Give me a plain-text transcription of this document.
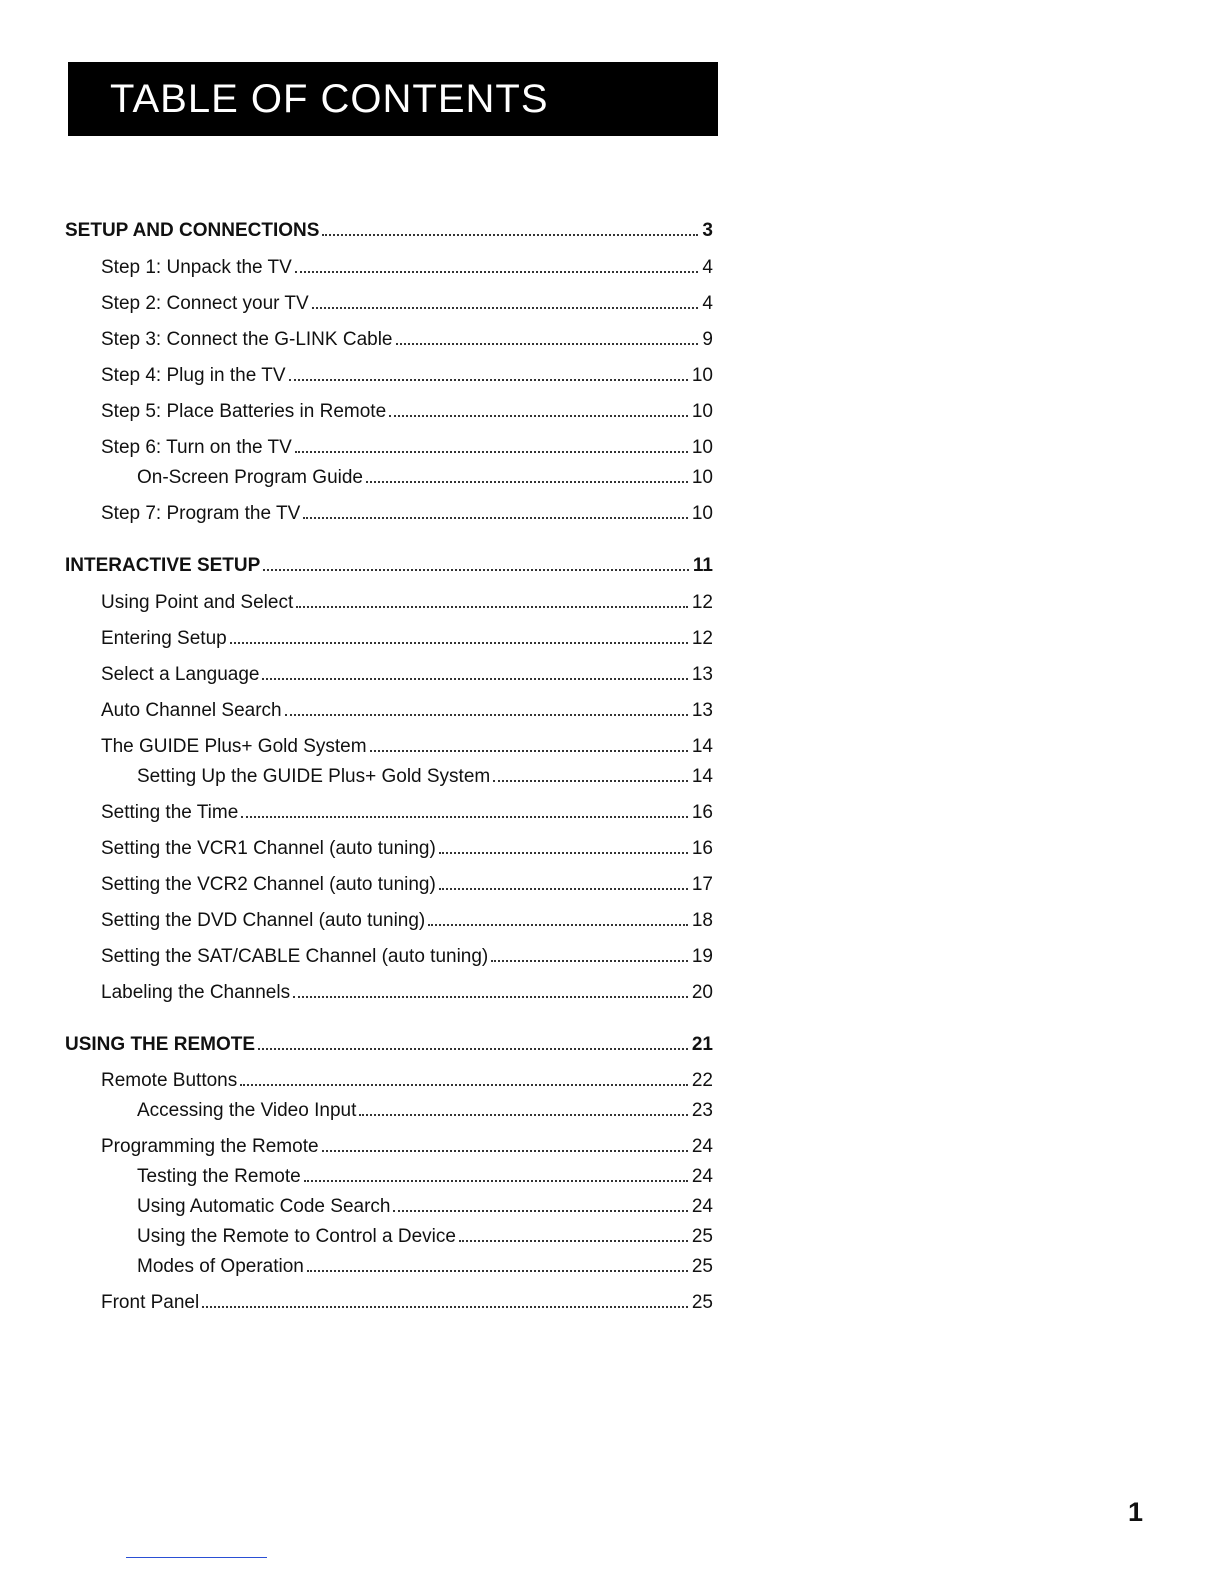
TABLE OF CONTENTS
SETUP AND CONNECTIONS	3
Step 1: Unpack the TV	4
Step 2: Connect your TV	4
Step 3: Connect the G-LINK Cable	9
Step 4: Plug in the TV	10
Step 5: Place Batteries in Remote	10
Step 6: Turn on the TV	10
On-Screen Program Guide	10
Step 7: Program the TV	10
INTERACTIVE SETUP	11
Using Point and Select	12
Entering Setup	12
Select a Language	13
Auto Channel Search	13
The GUIDE Plus+ Gold System	14
Setting Up the GUIDE Plus+ Gold System	14
Setting the Time	16
Setting the VCR1 Channel (auto tuning)	16
Setting the VCR2 Channel (auto tuning)	17
Setting the DVD Channel (auto tuning)	18
Setting the SAT/CABLE Channel (auto tuning)	19
Labeling the Channels	20
USING THE REMOTE	21
Remote Buttons	22
Accessing the Video Input	23
Programming the Remote	24
Testing the Remote	24
Using Automatic Code Search	24
Using the Remote to Control a Device	25
Modes of Operation	25
Front Panel	25
1
